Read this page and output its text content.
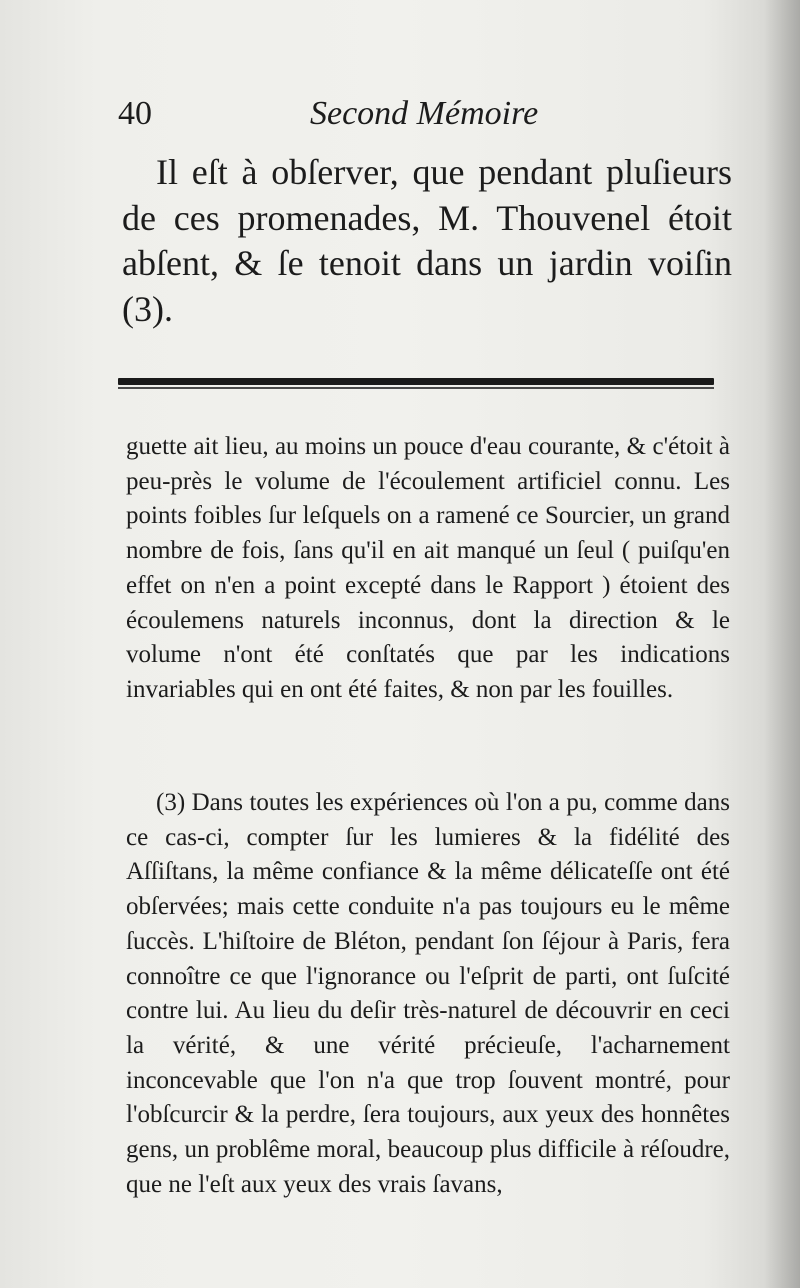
40	Second Mémoire

Il eſt à obſerver, que pendant pluſieurs de ces promenades, M. Thouvenel étoit abſent, & ſe tenoit dans un jardin voiſin (3).

guette ait lieu, au moins un pouce d'eau courante, & c'étoit à peu-près le volume de l'écoulement artificiel connu. Les points foibles ſur leſquels on a ramené ce Sourcier, un grand nombre de fois, ſans qu'il en ait manqué un ſeul ( puiſqu'en effet on n'en a point excepté dans le Rapport ) étoient des écoulemens naturels inconnus, dont la direction & le volume n'ont été conſtatés que par les indications invariables qui en ont été faites, & non par les fouilles.

(3) Dans toutes les expériences où l'on a pu, comme dans ce cas-ci, compter ſur les lumieres & la fidélité des Aſſiſtans, la même confiance & la même délicateſſe ont été obſervées; mais cette conduite n'a pas toujours eu le même ſuccès. L'hiſtoire de Bléton, pendant ſon ſéjour à Paris, fera connoître ce que l'ignorance ou l'eſprit de parti, ont ſuſcité contre lui. Au lieu du deſir très-naturel de découvrir en ceci la vérité, & une vérité précieuſe, l'acharnement inconcevable que l'on n'a que trop ſouvent montré, pour l'obſcurcir & la perdre, ſera toujours, aux yeux des honnêtes gens, un problême moral, beaucoup plus difficile à réſoudre, que ne l'eſt aux yeux des vrais ſavans,
